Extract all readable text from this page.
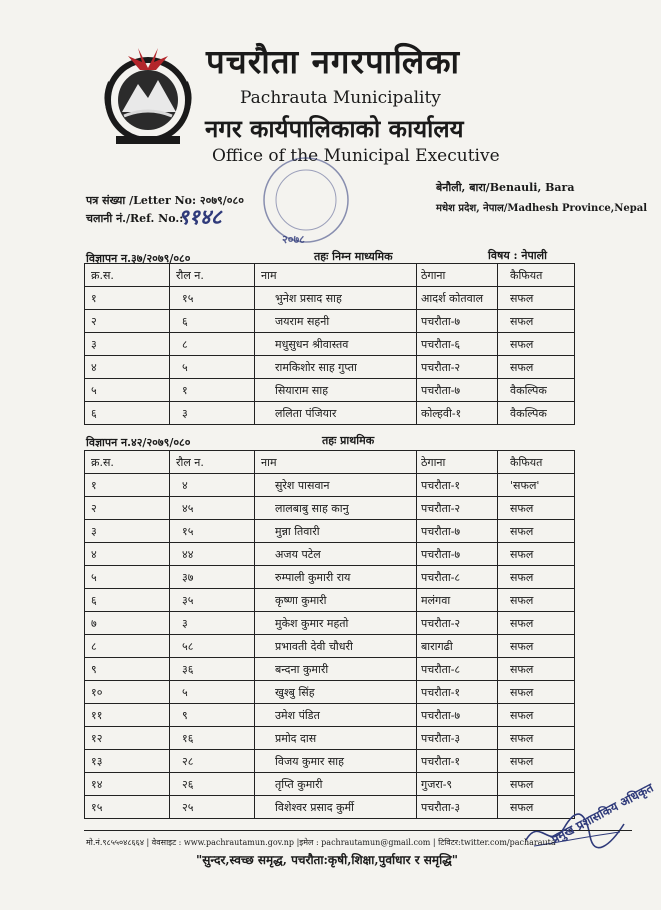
पचरौता नगरपालिका
Pachrauta Municipality
नगर कार्यपालिकाको कार्यालय
Office of the Municipal Executive
पत्र संख्या /Letter No: २०७९/०८०
चलानी नं./Ref. No.:
९१४८
बेनौली, बारा/Benauli, Bara
मधेश प्रदेश, नेपाल/Madhesh Province,Nepal
२०७८
विज्ञापन न.३७/२०७९/०८०	तहः निम्न माध्यमिक	विषय : नेपाली
क्र.स.	रौल न.	नाम	ठेगाना	कैफियत
१	१५	भुनेश प्रसाद साह	आदर्श कोतवाल	सफल
२	६	जयराम सहनी	पचरौता-७	सफल
३	८	मधुसुधन श्रीवास्तव	पचरौता-६	सफल
४	५	रामकिशोर साह गुप्ता	पचरौता-२	सफल
५	१	सियाराम साह	पचरौता-७	वैकल्पिक
६	३	ललिता पंजियार	कोल्हवी-१	वैकल्पिक
विज्ञापन न.४२/२०७९/०८०	तहः प्राथमिक
क्र.स.	रौल न.	नाम	ठेगाना	कैफियत
१	४	सुरेश पासवान	पचरौता-१	'सफल'
२	४५	लालबाबु साह कानु	पचरौता-२	सफल
३	१५	मुन्ना तिवारी	पचरौता-७	सफल
४	४४	अजय पटेल	पचरौता-७	सफल
५	३७	रुम्पाली कुमारी राय	पचरौता-८	सफल
६	३५	कृष्णा कुमारी	मलंगवा	सफल
७	३	मुकेश कुमार महतो	पचरौता-२	सफल
८	५८	प्रभावती देवी चौधरी	बारागढी	सफल
९	३६	बन्दना कुमारी	पचरौता-८	सफल
१०	५	खुश्बु सिंह	पचरौता-१	सफल
११	९	उमेश पंडित	पचरौता-७	सफल
१२	१६	प्रमोद दास	पचरौता-३	सफल
१३	२८	विजय कुमार साह	पचरौता-१	सफल
१४	२६	तृप्ति कुमारी	गुजरा-९	सफल
१५	२५	विशेश्वर प्रसाद कुर्मी	पचरौता-३	सफल
मो.नं.९८५५०४८६६४ | वेवसाइट : www.pachrautamun.gov.np |इमेल : pachrautamun@gmail.com | टिविटर:twitter.com/pacharauta
"सुन्दर,स्वच्छ समृद्ध, पचरौता:कृषी,शिक्षा,पुर्वाधार र समृद्धि"
प्रमुख प्रशासकिय अधिकृत
